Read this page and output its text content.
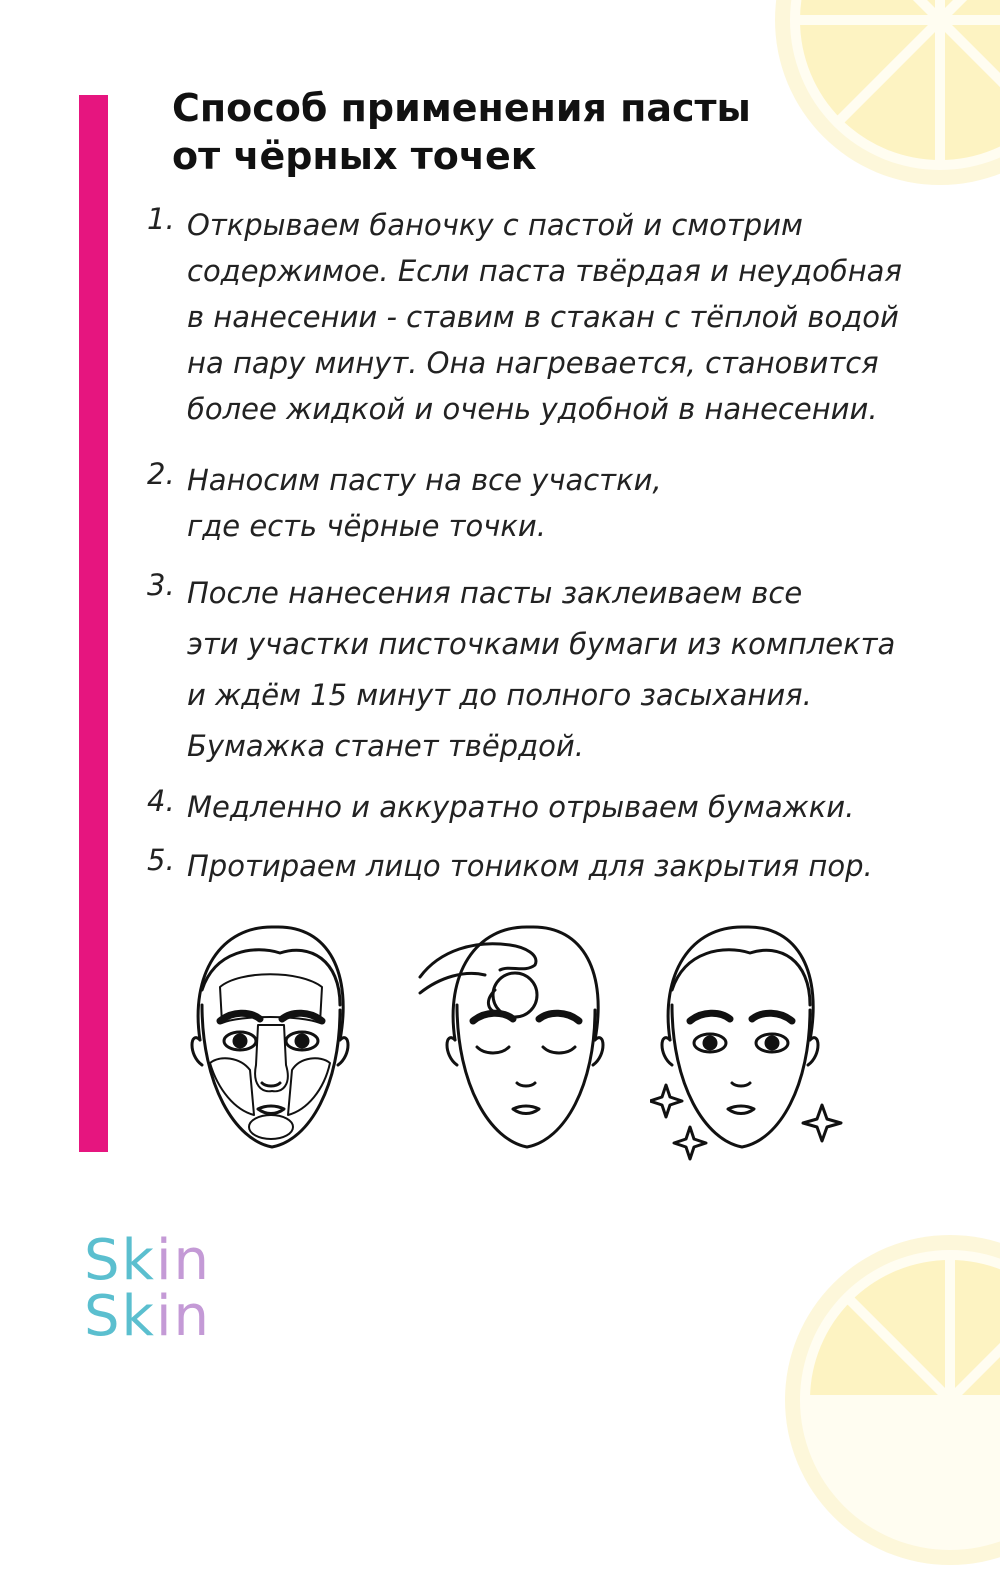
Способ применения пасты
от чёрных точек
1. Открываем баночку с пастой и смотрим
содержимое. Если паста твёрдая и неудобная
в нанесении - ставим в стакан с тёплой водой
на пару минут. Она нагревается, становится
более жидкой и очень удобной в нанесении.
2. Наносим пасту на все участки,
где есть чёрные точки.
3. После нанесения пасты заклеиваем все
эти участки писточками бумаги из комплекта
и ждём 15 минут до полного засыхания.
Бумажка станет твёрдой.
4. Медленно и аккуратно отрываем бумажки.
5. Протираем лицо тоником для закрытия пор.
Skin
Skin
